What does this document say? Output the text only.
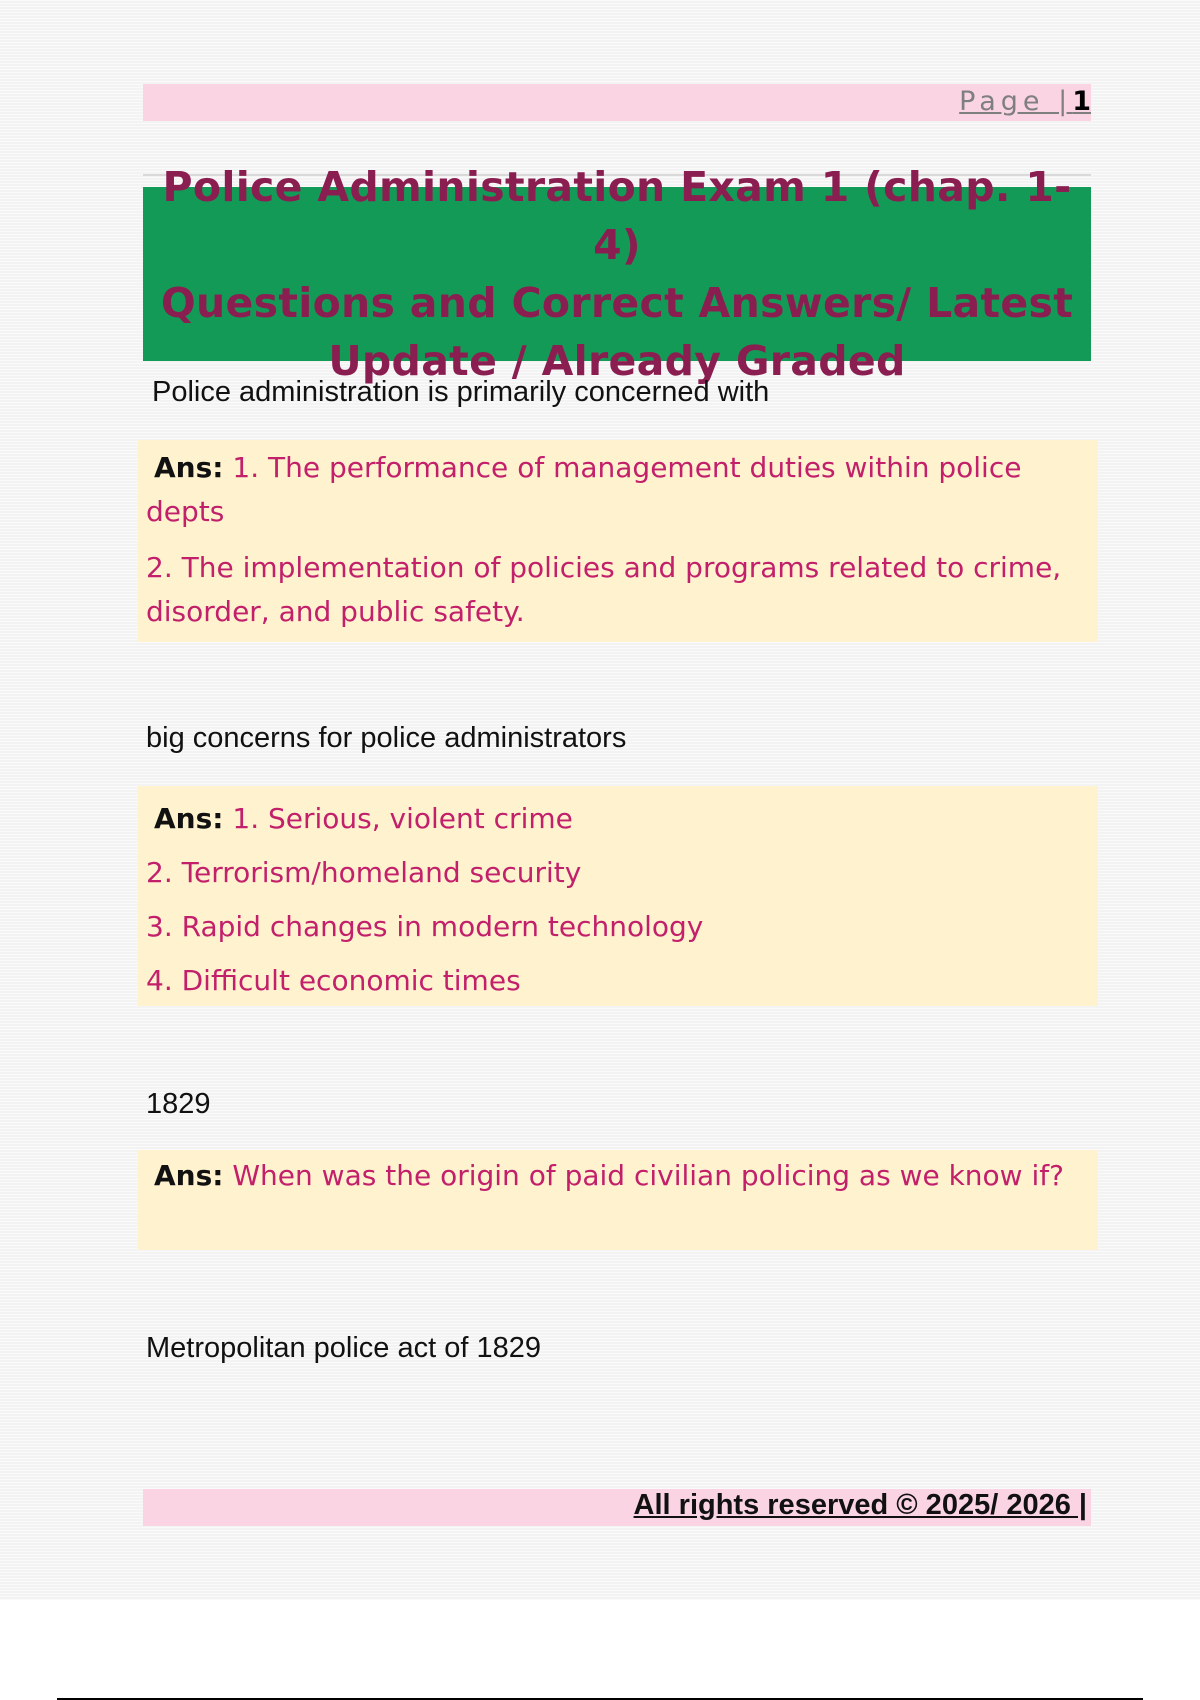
Page |1
Police Administration Exam 1 (chap. 1-4)
Questions and Correct Answers/ Latest
Update / Already Graded
Police administration is primarily concerned with

Ans: 1. The performance of management duties within police depts

2. The implementation of policies and programs related to crime, disorder, and public safety.

big concerns for police administrators

Ans: 1. Serious, violent crime

2. Terrorism/homeland security

3. Rapid changes in modern technology

4. Difficult economic times

1829

Ans: When was the origin of paid civilian policing as we know if?

Metropolitan police act of 1829
All rights reserved © 2025/ 2026 |
